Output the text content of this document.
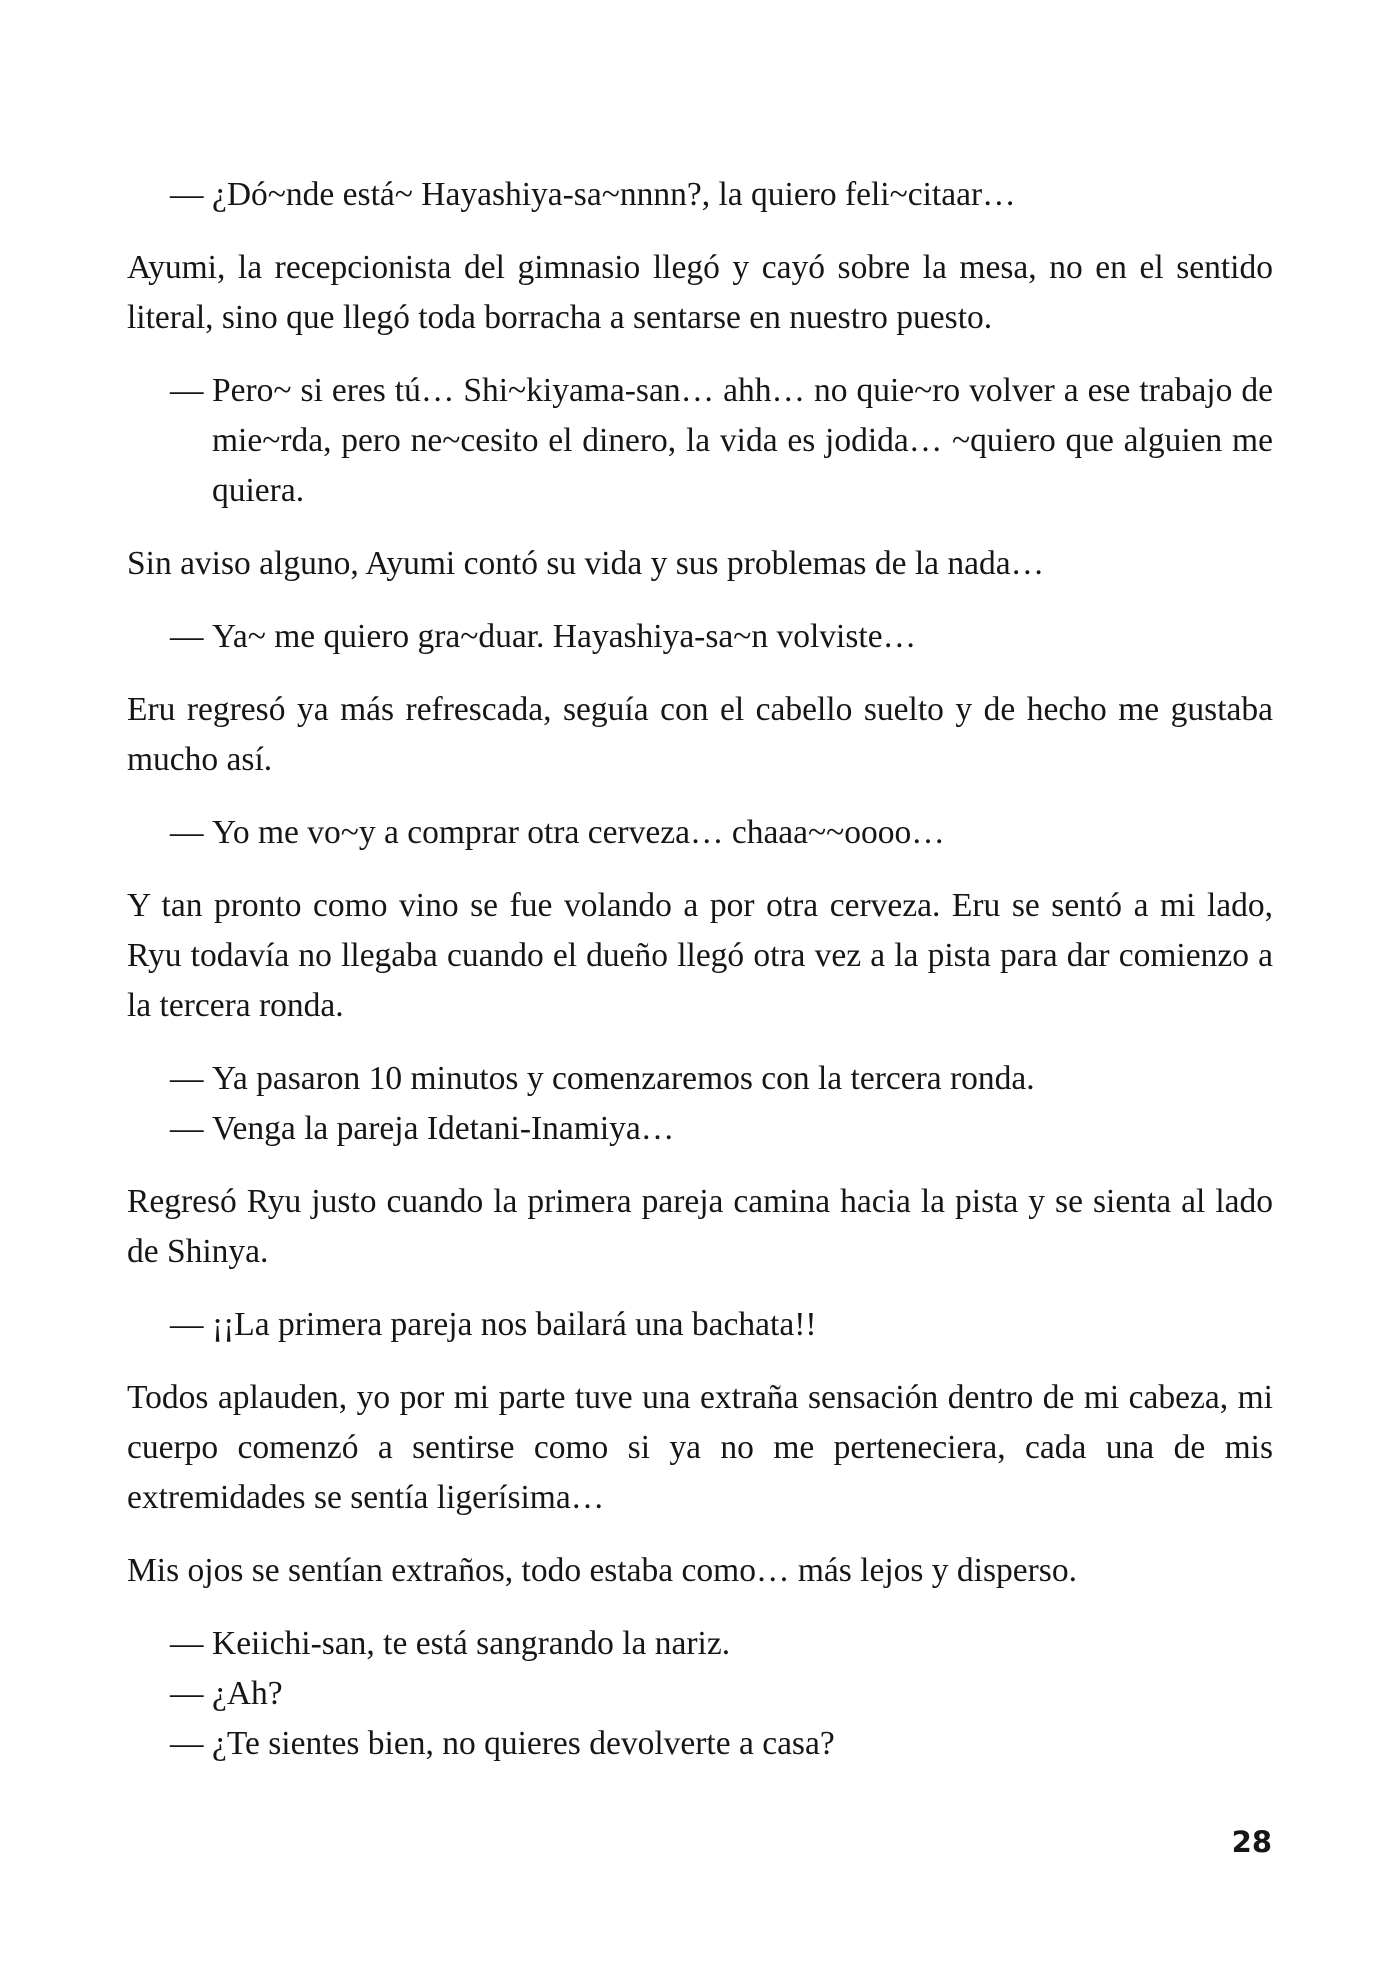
— ¿Dó~nde está~ Hayashiya-sa~nnnn?, la quiero feli~citaar…

Ayumi, la recepcionista del gimnasio llegó y cayó sobre la mesa, no en el sentido literal, sino que llegó toda borracha a sentarse en nuestro puesto.

— Pero~ si eres tú… Shi~kiyama-san… ahh… no quie~ro volver a ese trabajo de mie~rda, pero ne~cesito el dinero, la vida es jodida… ~quiero que alguien me quiera.

Sin aviso alguno, Ayumi contó su vida y sus problemas de la nada…

— Ya~ me quiero gra~duar. Hayashiya-sa~n volviste…

Eru regresó ya más refrescada, seguía con el cabello suelto y de hecho me gustaba mucho así.

— Yo me vo~y a comprar otra cerveza… chaaa~~oooo…

Y tan pronto como vino se fue volando a por otra cerveza. Eru se sentó a mi lado, Ryu todavía no llegaba cuando el dueño llegó otra vez a la pista para dar comienzo a la tercera ronda.

— Ya pasaron 10 minutos y comenzaremos con la tercera ronda.

— Venga la pareja Idetani-Inamiya…

Regresó Ryu justo cuando la primera pareja camina hacia la pista y se sienta al lado de Shinya.

— ¡¡La primera pareja nos bailará una bachata!!

Todos aplauden, yo por mi parte tuve una extraña sensación dentro de mi cabeza, mi cuerpo comenzó a sentirse como si ya no me perteneciera, cada una de mis extremidades se sentía ligerísima…

Mis ojos se sentían extraños, todo estaba como… más lejos y disperso.

— Keiichi-san, te está sangrando la nariz.

— ¿Ah?

— ¿Te sientes bien, no quieres devolverte a casa?

28
